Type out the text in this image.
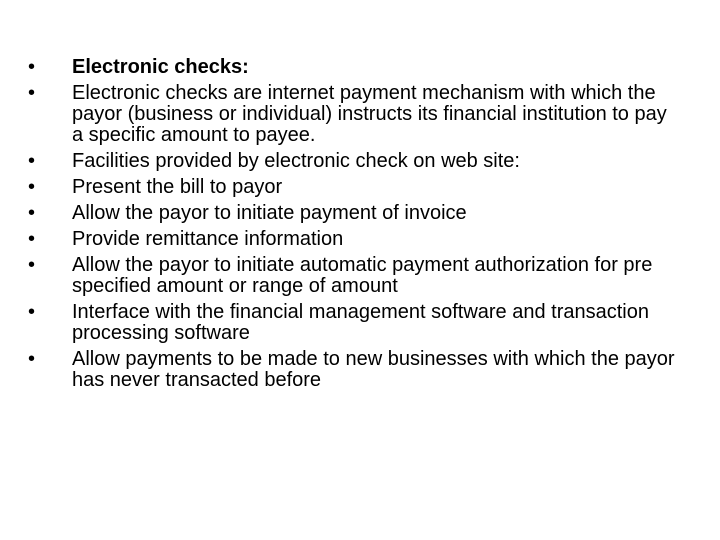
•	Electronic checks:
•	Electronic checks are internet payment mechanism with which the payor (business or individual) instructs its financial institution to pay a specific amount to payee.
•	Facilities provided by electronic check on web site:
•	Present the bill to payor
•	Allow the payor to initiate payment of invoice
•	Provide remittance information
•	Allow the payor to initiate automatic payment authorization for pre specified amount or range of amount
•	Interface with the financial management software and transaction processing software
•	Allow payments to be made to new businesses with which the payor has never transacted before
